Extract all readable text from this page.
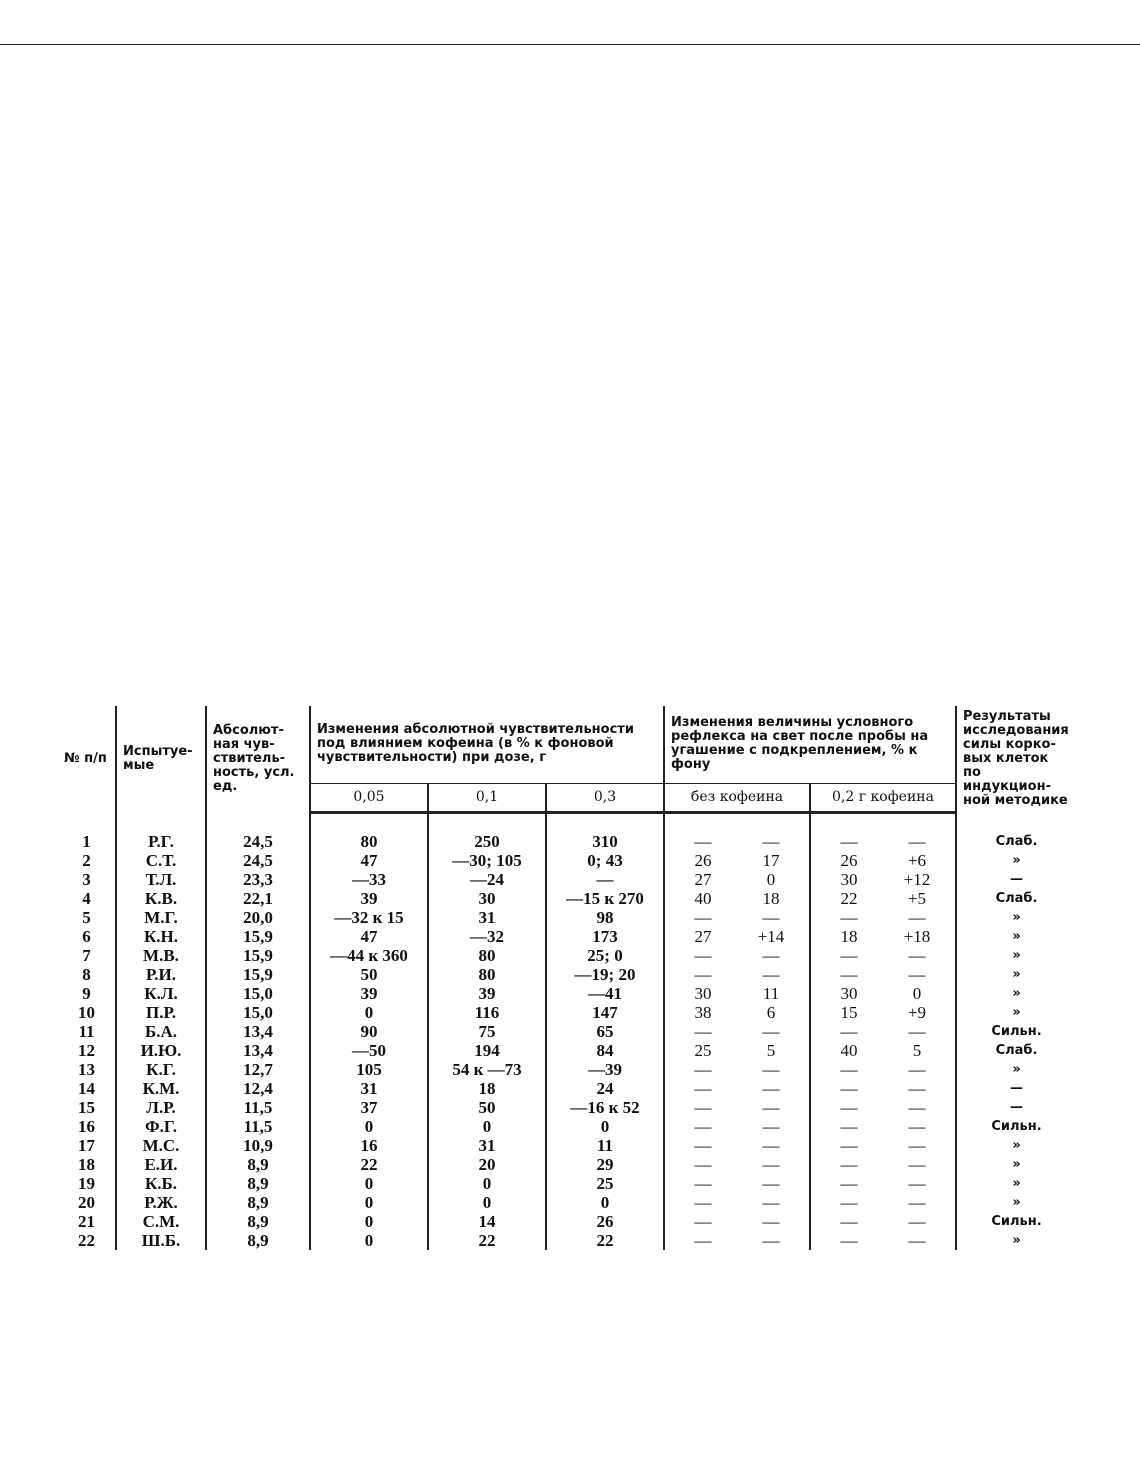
№ п/п	Испытуе-мые	Абсолют-ная чув-ствитель-ность, усл. ед.	Изменения абсолютной чувствительности под влиянием кофеина (в % к фоновой чувствительности) при дозе, г			Изменения величины условного рефлекса на свет после пробы на угашение с подкреплением, % к фону		Результаты исследования силы корко-вых клеток по индукцион-ной методике
			0,05	0,1	0,3	без кофеина	0,2 г кофеина	

1	Р.Г.	24,5	80	250	310	— —	— —	Слаб.
2	С.Т.	24,5	47	—30; 105	0; 43	26 17	26 +6	»
3	Т.Л.	23,3	—33	—24	—	27 0	30 +12	—
4	К.В.	22,1	39	30	—15 к 270	40 18	22 +5	Слаб.
5	М.Г.	20,0	—32 к 15	31	98	— —	— —	»
6	К.Н.	15,9	47	—32	173	27 +14	18 +18	»
7	М.В.	15,9	—44 к 360	80	25; 0	— —	— —	»
8	Р.И.	15,9	50	80	—19; 20	— —	— —	»
9	К.Л.	15,0	39	39	—41	30 11	30 0	»
10	П.Р.	15,0	0	116	147	38 6	15 +9	»
11	Б.А.	13,4	90	75	65	— —	— —	Сильн.
12	И.Ю.	13,4	—50	194	84	25 5	40 5	Слаб.
13	К.Г.	12,7	105	54 к —73	—39	— —	— —	»
14	К.М.	12,4	31	18	24	— —	— —	—
15	Л.Р.	11,5	37	50	—16 к 52	— —	— —	—
16	Ф.Г.	11,5	0	0	0	— —	— —	Сильн.
17	М.С.	10,9	16	31	11	— —	— —	»
18	Е.И.	8,9	22	20	29	— —	— —	»
19	К.Б.	8,9	0	0	25	— —	— —	»
20	Р.Ж.	8,9	0	0	0	— —	— —	»
21	С.М.	8,9	0	14	26	— —	— —	Сильн.
22	Ш.Б.	8,9	0	22	22	— —	— —	»
